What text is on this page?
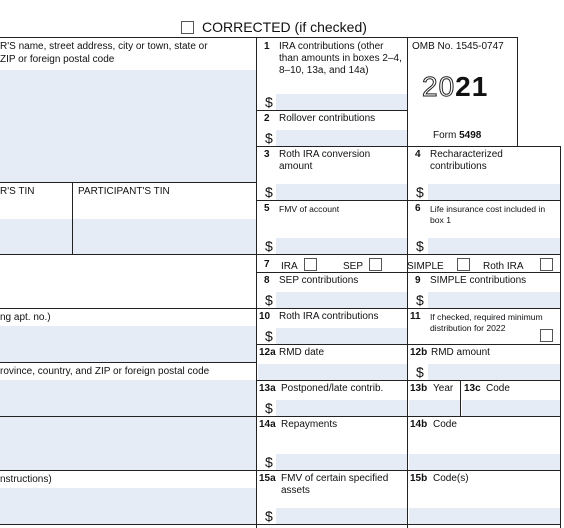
CORRECTED (if checked)
R'S name, street address, city or town, state or
ZIP or foreign postal code
R'S TIN	PARTICIPANT'S TIN
ng apt. no.)
rovince, country, and ZIP or foreign postal code
nstructions)
OMB No. 1545-0747
2021
Form 5498
1 IRA contributions (other than amounts in boxes 2–4, 8–10, 13a, and 14a)
$
2 Rollover contributions
$
3 Roth IRA conversion amount
$
4 Recharacterized contributions
$
5 FMV of account
$
6 Life insurance cost included in box 1
$
7 IRA	SEP	SIMPLE	Roth IRA
8 SEP contributions
$
9 SIMPLE contributions
$
10 Roth IRA contributions
$
11 If checked, required minimum distribution for 2022
12a RMD date	12b RMD amount
$
13a Postponed/late contrib.
$
13b Year 13c Code
14a Repayments
$
14b Code
15a FMV of certain specified assets
$
15b Code(s)
